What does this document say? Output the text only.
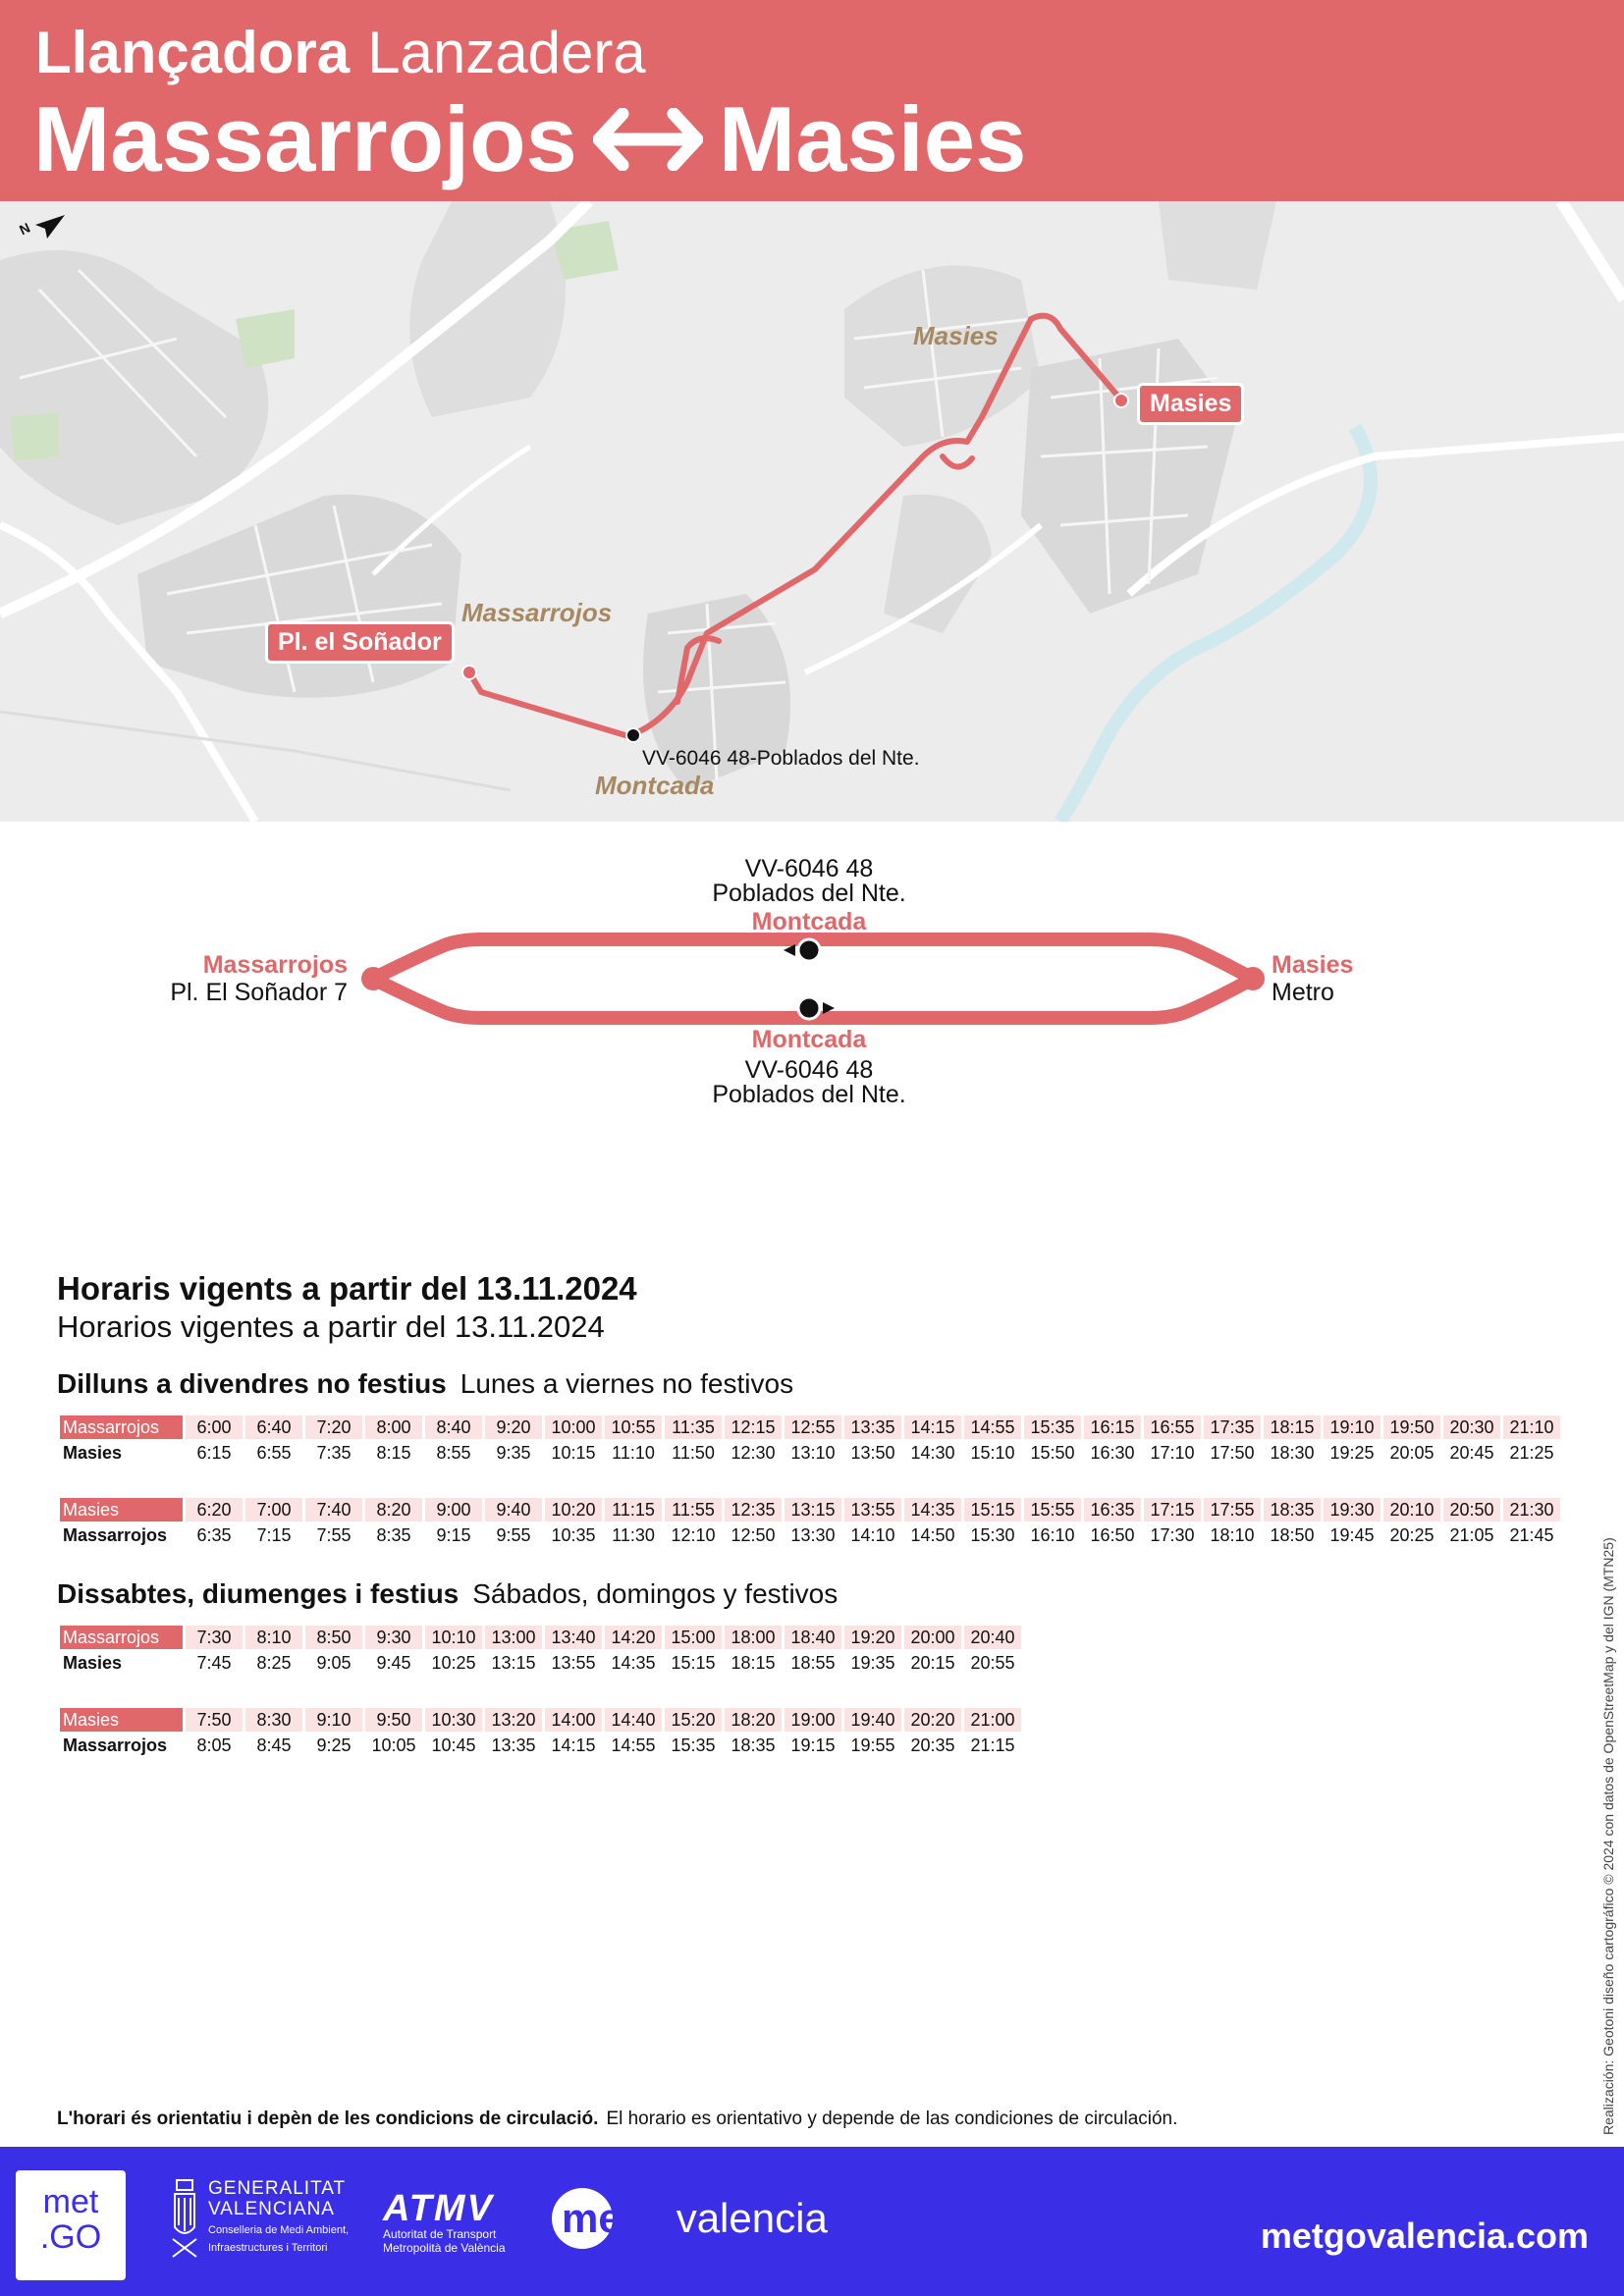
Llançadora Lanzadera
Massarrojos Masies
N
Masies
Massarrojos
Montcada
Pl. el Soñador
Masies
VV-6046 48-Poblados del Nte.
VV-6046 48
Poblados del Nte.
Montcada
Massarrojos
Pl. El Soñador 7
Masies
Metro
Montcada
VV-6046 48
Poblados del Nte.
Horaris vigents a partir del 13.11.2024
Horarios vigentes a partir del 13.11.2024
Dilluns a divendres no festius Lunes a viernes no festivos
Massarrojos	6:00	6:40	7:20	8:00	8:40	9:20	10:00	10:55	11:35	12:15	12:55	13:35	14:15	14:55	15:35	16:15	16:55	17:35	18:15	19:10	19:50	20:30	21:10
Masies	6:15	6:55	7:35	8:15	8:55	9:35	10:15	11:10	11:50	12:30	13:10	13:50	14:30	15:10	15:50	16:30	17:10	17:50	18:30	19:25	20:05	20:45	21:25
Masies	6:20	7:00	7:40	8:20	9:00	9:40	10:20	11:15	11:55	12:35	13:15	13:55	14:35	15:15	15:55	16:35	17:15	17:55	18:35	19:30	20:10	20:50	21:30
Massarrojos	6:35	7:15	7:55	8:35	9:15	9:55	10:35	11:30	12:10	12:50	13:30	14:10	14:50	15:30	16:10	16:50	17:30	18:10	18:50	19:45	20:25	21:05	21:45
Dissabtes, diumenges i festius Sábados, domingos y festivos
Massarrojos	7:30	8:10	8:50	9:30	10:10	13:00	13:40	14:20	15:00	18:00	18:40	19:20	20:00	20:40
Masies	7:45	8:25	9:05	9:45	10:25	13:15	13:55	14:35	15:15	18:15	18:55	19:35	20:15	20:55
Masies	7:50	8:30	9:10	9:50	10:30	13:20	14:00	14:40	15:20	18:20	19:00	19:40	20:20	21:00
Massarrojos	8:05	8:45	9:25	10:05	10:45	13:35	14:15	14:55	15:35	18:35	19:15	19:55	20:35	21:15
L'horari és orientatiu i depèn de les condicions de circulació. El horario es orientativo y depende de las condiciones de circulación.	Realización: Geotoni diseño cartográfico © 2024 con datos de OpenStreetMap y del IGN (MTN25)
met
.GO
GENERALITAT
VALENCIANA
Conselleria de Medi Ambient,
Infraestructures i Territori
ATMV
Autoritat de Transport
Metropolità de València
metrovalencia	metgovalencia.com
